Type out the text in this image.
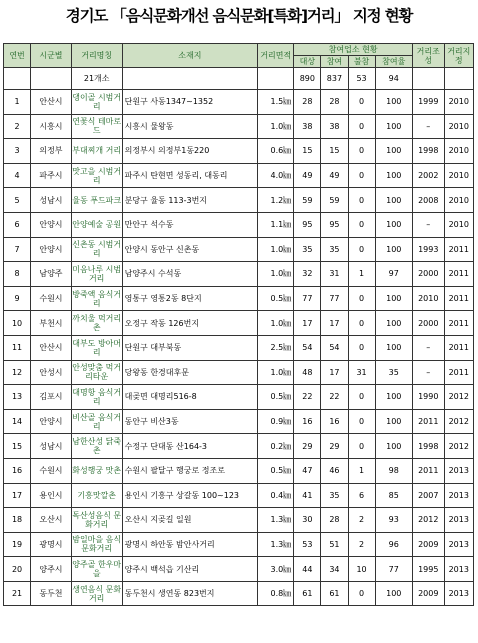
경기도 「음식문화개선 음식문화[특화]거리」 지정 현황
연번	시군별	거리명칭	소재지	거리면적	참여업소 현황				거리조성	거리지정
					대상	참여	불참	참여율		
		21개소			890	837	53	94		
1	안산시	댕이골 시범거리	단원구 사동1347~1352	1.5㎞	28	28	0	100	1999	2010
2	시흥시	연꽃식 테마로드	시흥시 물왕동	1.0㎞	38	38	0	100	–	2010
3	의정부	부대찌개 거리	의정부시 의정부1동220	0.6㎞	15	15	0	100	1998	2010
4	파주시	맛고을 시범거리	파주시 탄현면 성동리, 대동리	4.0㎞	49	49	0	100	2002	2010
5	성남시	율동 푸드파크	분당구 율동 113-3번지	1.2㎞	59	59	0	100	2008	2010
6	안양시	안양예술 공원	만안구 석수동	1.1㎞	95	95	0	100	–	2010
7	안양시	신촌동 시범거리	안양시 동안구 신촌동	1.0㎞	35	35	0	100	1993	2011
8	남양주	미음나루 시범거리	남양주시 수석동	1.0㎞	32	31	1	97	2000	2011
9	수원시	방죽액 음식거리	영통구 영통2동 8단지	0.5㎞	77	77	0	100	2010	2011
10	부천시	까치울 먹거리촌	오정구 작동 126번지	1.0㎞	17	17	0	100	2000	2011
11	안산시	대부도 방아머리	단원구 대부북동	2.5㎞	54	54	0	100	–	2011
12	안성시	안성맞춤 먹거리타운	당왕동 한경대후문	1.0㎞	48	17	31	35	–	2011
13	김포시	대명항 음식거리	대곶면 대명리516-8	0.5㎞	22	22	0	100	1990	2012
14	안양시	비산골 음식거리	동안구 비산3동	0.9㎞	16	16	0	100	2011	2012
15	성남시	남한산성 닭죽촌	수정구 단대동 산164-3	0.2㎞	29	29	0	100	1998	2012
16	수원시	화성행궁 맛촌	수원시 팔달구 행궁로 정조로	0.5㎞	47	46	1	98	2011	2013
17	용인시	기흥맛깔촌	용인시 기흥구 상갈동 100~123	0.4㎞	41	35	6	85	2007	2013
18	오산시	독산성음식 문화거리	오산시 지곶길 일원	1.3㎞	30	28	2	93	2012	2013
19	광명시	밤일마을 음식문화거리	광명시 하안동 밤안사거리	1.3㎞	53	51	2	96	2009	2013
20	양주시	양주골 한우마을	양주시 백석읍 기산리	3.0㎞	44	34	10	77	1995	2013
21	동두천	생연음식 문화거리	동두천시 생연동 823번지	0.8㎞	61	61	0	100	2009	2013
